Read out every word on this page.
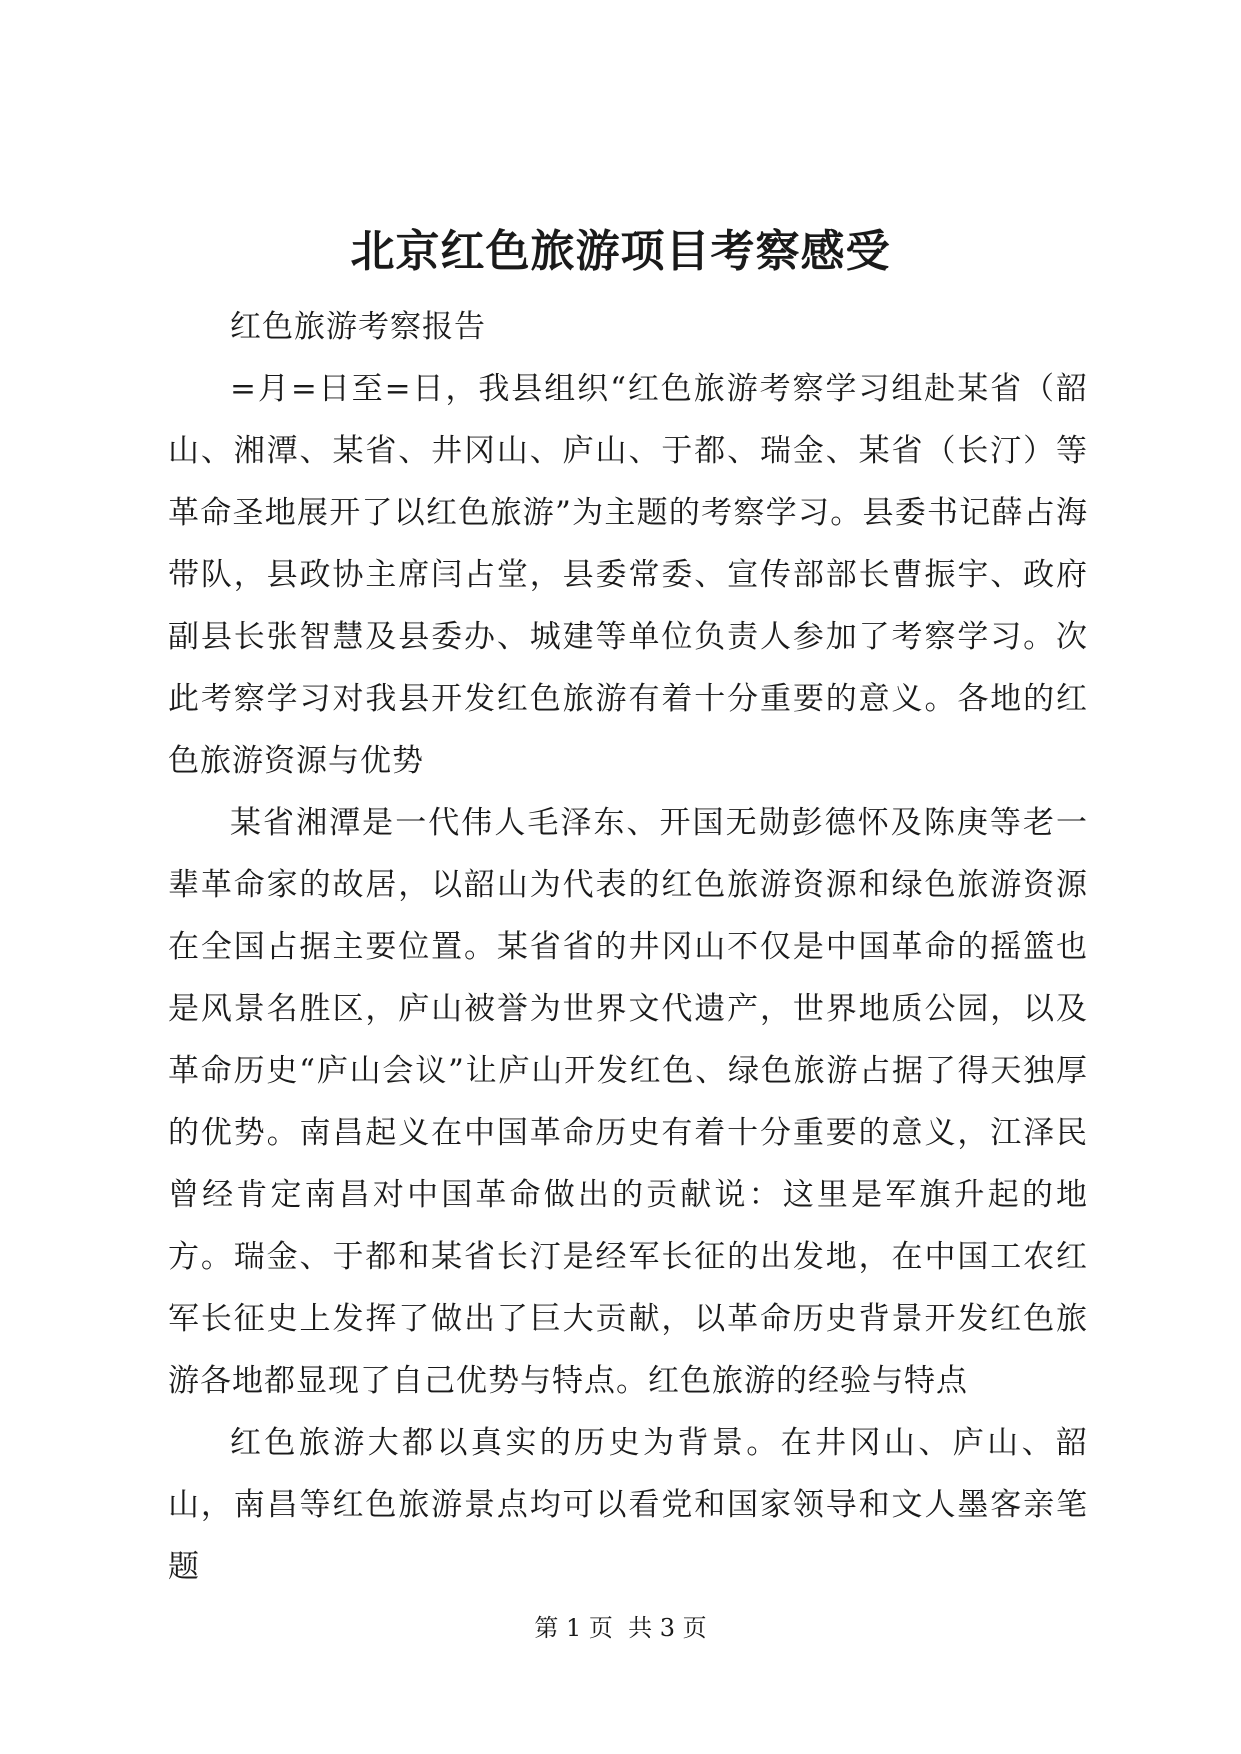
北京红色旅游项目考察感受

红色旅游考察报告

=月=日至=日，我县组织“红色旅游考察学习组赴某省（韶山、湘潭、某省、井冈山、庐山、于都、瑞金、某省（长汀）等革命圣地展开了以红色旅游”为主题的考察学习。县委书记薛占海带队，县政协主席闫占堂，县委常委、宣传部部长曹振宇、政府副县长张智慧及县委办、城建等单位负责人参加了考察学习。次此考察学习对我县开发红色旅游有着十分重要的意义。各地的红色旅游资源与优势

某省湘潭是一代伟人毛泽东、开国无勋彭德怀及陈庚等老一辈革命家的故居，以韶山为代表的红色旅游资源和绿色旅游资源在全国占据主要位置。某省省的井冈山不仅是中国革命的摇篮也是风景名胜区，庐山被誉为世界文代遗产，世界地质公园，以及革命历史“庐山会议”让庐山开发红色、绿色旅游占据了得天独厚的优势。南昌起义在中国革命历史有着十分重要的意义，江泽民曾经肯定南昌对中国革命做出的贡献说：这里是军旗升起的地方。瑞金、于都和某省长汀是经军长征的出发地，在中国工农红军长征史上发挥了做出了巨大贡献，以革命历史背景开发红色旅游各地都显现了自己优势与特点。红色旅游的经验与特点

红色旅游大都以真实的历史为背景。在井冈山、庐山、韶山，南昌等红色旅游景点均可以看党和国家领导和文人墨客亲笔题

第 1 页  共 3 页
